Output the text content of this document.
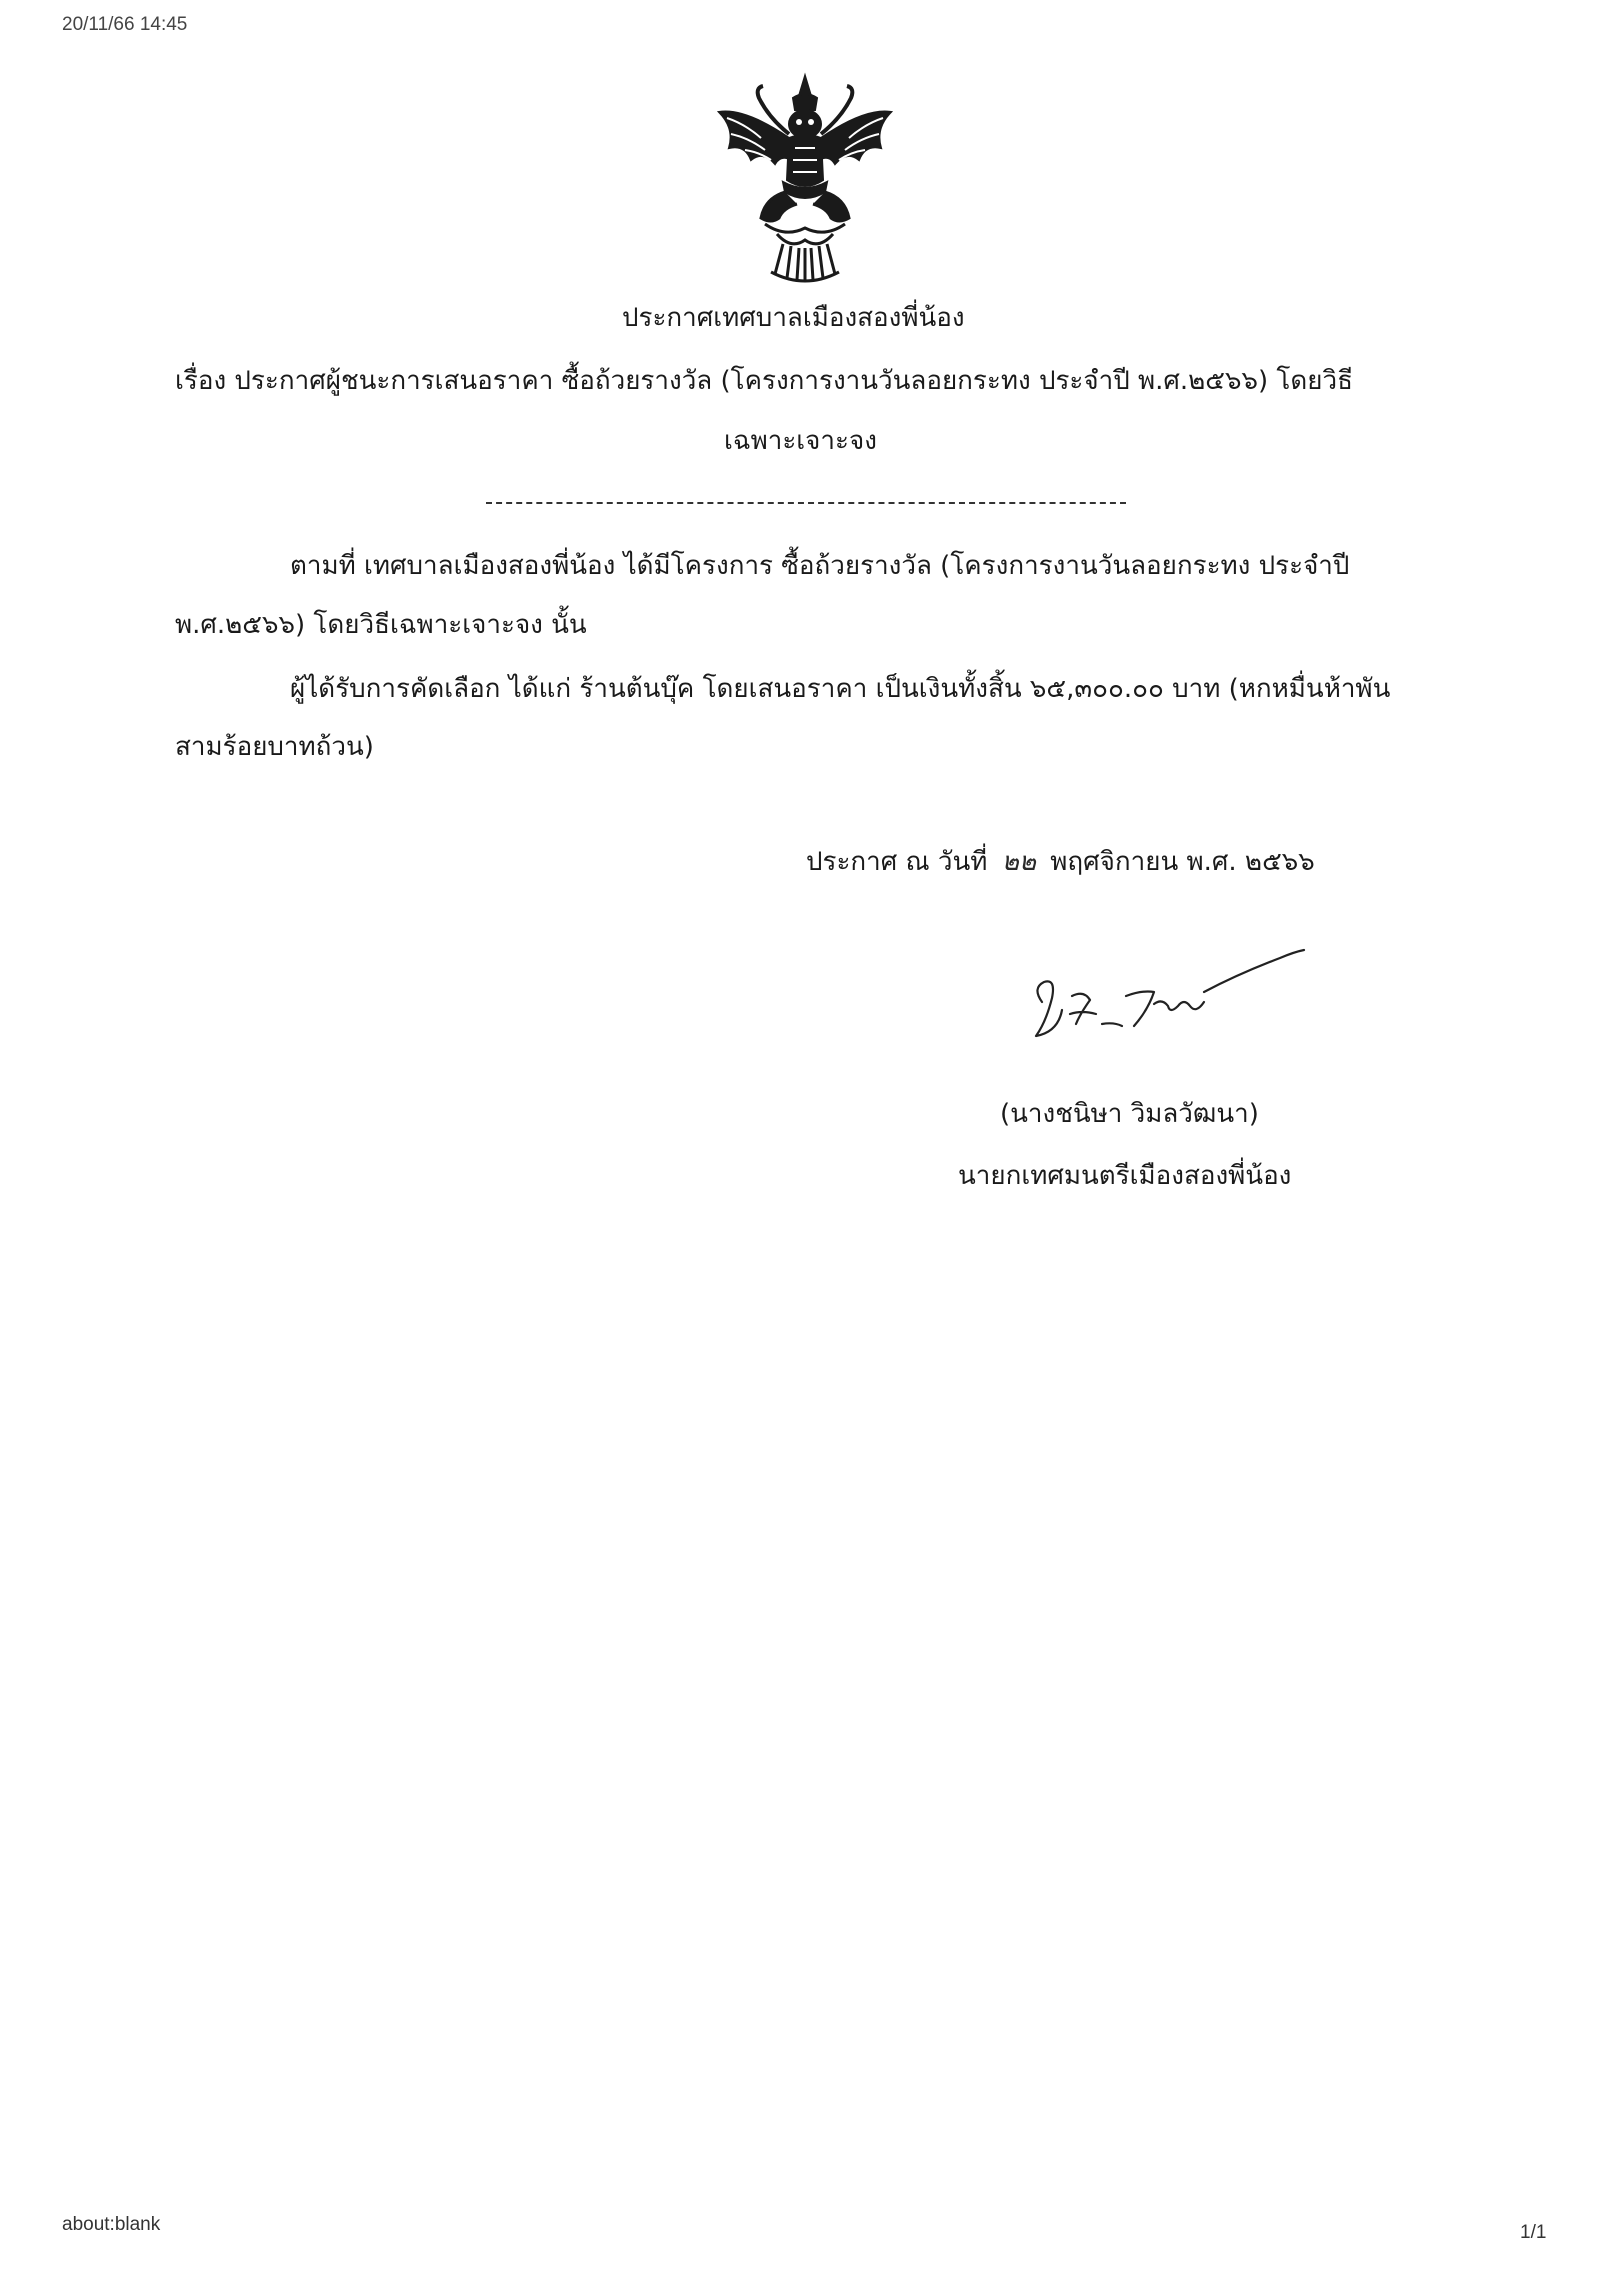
20/11/66 14:45
ประกาศเทศบาลเมืองสองพี่น้อง
เรื่อง ประกาศผู้ชนะการเสนอราคา ซื้อถ้วยรางวัล (โครงการงานวันลอยกระทง ประจำปี พ.ศ.๒๕๖๖) โดยวิธี
เฉพาะเจาะจง
ตามที่ เทศบาลเมืองสองพี่น้อง ได้มีโครงการ ซื้อถ้วยรางวัล (โครงการงานวันลอยกระทง ประจำปี
พ.ศ.๒๕๖๖) โดยวิธีเฉพาะเจาะจง นั้น
ผู้ได้รับการคัดเลือก ได้แก่ ร้านต้นบุ๊ค โดยเสนอราคา เป็นเงินทั้งสิ้น ๖๕,๓๐๐.๐๐ บาท (หกหมื่นห้าพัน
สามร้อยบาทถ้วน)
ประกาศ ณ วันที่ ๒๒ พฤศจิกายน พ.ศ. ๒๕๖๖
(นางชนิษา วิมลวัฒนา)
นายกเทศมนตรีเมืองสองพี่น้อง
about:blank	1/1
